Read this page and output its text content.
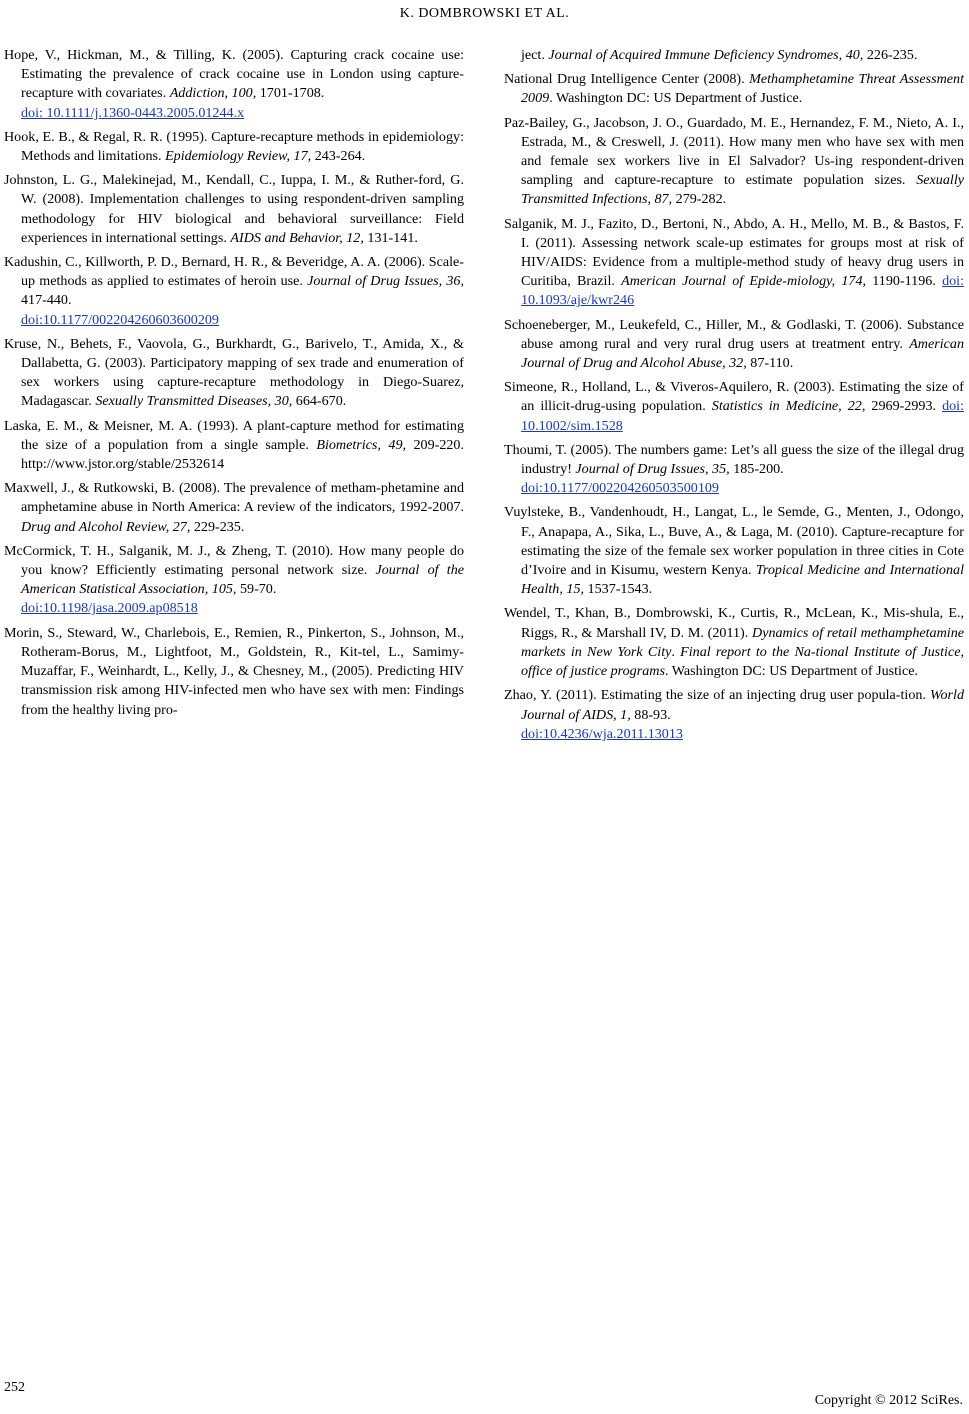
K. DOMBROWSKI ET AL.
Hope, V., Hickman, M., & Tilling, K. (2005). Capturing crack cocaine use: Estimating the prevalence of crack cocaine use in London using capture-recapture with covariates. Addiction, 100, 1701-1708.
doi: 10.1111/j.1360-0443.2005.01244.x
Hook, E. B., & Regal, R. R. (1995). Capture-recapture methods in epidemiology: Methods and limitations. Epidemiology Review, 17, 243-264.
Johnston, L. G., Malekinejad, M., Kendall, C., Iuppa, I. M., & Ruther-ford, G. W. (2008). Implementation challenges to using respondent-driven sampling methodology for HIV biological and behavioral surveillance: Field experiences in international settings. AIDS and Behavior, 12, 131-141.
Kadushin, C., Killworth, P. D., Bernard, H. R., & Beveridge, A. A. (2006). Scale-up methods as applied to estimates of heroin use. Journal of Drug Issues, 36, 417-440.
doi:10.1177/002204260603600209
Kruse, N., Behets, F., Vaovola, G., Burkhardt, G., Barivelo, T., Amida, X., & Dallabetta, G. (2003). Participatory mapping of sex trade and enumeration of sex workers using capture-recapture methodology in Diego-Suarez, Madagascar. Sexually Transmitted Diseases, 30, 664-670.
Laska, E. M., & Meisner, M. A. (1993). A plant-capture method for estimating the size of a population from a single sample. Biometrics, 49, 209-220. http://www.jstor.org/stable/2532614
Maxwell, J., & Rutkowski, B. (2008). The prevalence of metham-phetamine and amphetamine abuse in North America: A review of the indicators, 1992-2007. Drug and Alcohol Review, 27, 229-235.
McCormick, T. H., Salganik, M. J., & Zheng, T. (2010). How many people do you know? Efficiently estimating personal network size. Journal of the American Statistical Association, 105, 59-70.
doi:10.1198/jasa.2009.ap08518
Morin, S., Steward, W., Charlebois, E., Remien, R., Pinkerton, S., Johnson, M., Rotheram-Borus, M., Lightfoot, M., Goldstein, R., Kit-tel, L., Samimy-Muzaffar, F., Weinhardt, L., Kelly, J., & Chesney, M., (2005). Predicting HIV transmission risk among HIV-infected men who have sex with men: Findings from the healthy living pro-
ject. Journal of Acquired Immune Deficiency Syndromes, 40, 226-235.
National Drug Intelligence Center (2008). Methamphetamine Threat Assessment 2009. Washington DC: US Department of Justice.
Paz-Bailey, G., Jacobson, J. O., Guardado, M. E., Hernandez, F. M., Nieto, A. I., Estrada, M., & Creswell, J. (2011). How many men who have sex with men and female sex workers live in El Salvador? Us-ing respondent-driven sampling and capture-recapture to estimate population sizes. Sexually Transmitted Infections, 87, 279-282.
Salganik, M. J., Fazito, D., Bertoni, N., Abdo, A. H., Mello, M. B., & Bastos, F. I. (2011). Assessing network scale-up estimates for groups most at risk of HIV/AIDS: Evidence from a multiple-method study of heavy drug users in Curitiba, Brazil. American Journal of Epide-miology, 174, 1190-1196. doi: 10.1093/aje/kwr246
Schoeneberger, M., Leukefeld, C., Hiller, M., & Godlaski, T. (2006). Substance abuse among rural and very rural drug users at treatment entry. American Journal of Drug and Alcohol Abuse, 32, 87-110.
Simeone, R., Holland, L., & Viveros-Aquilero, R. (2003). Estimating the size of an illicit-drug-using population. Statistics in Medicine, 22, 2969-2993. doi: 10.1002/sim.1528
Thoumi, T. (2005). The numbers game: Let’s all guess the size of the illegal drug industry! Journal of Drug Issues, 35, 185-200.
doi:10.1177/002204260503500109
Vuylsteke, B., Vandenhoudt, H., Langat, L., le Semde, G., Menten, J., Odongo, F., Anapapa, A., Sika, L., Buve, A., & Laga, M. (2010). Capture-recapture for estimating the size of the female sex worker population in three cities in Cote d’Ivoire and in Kisumu, western Kenya. Tropical Medicine and International Health, 15, 1537-1543.
Wendel, T., Khan, B., Dombrowski, K., Curtis, R., McLean, K., Mis-shula, E., Riggs, R., & Marshall IV, D. M. (2011). Dynamics of retail methamphetamine markets in New York City. Final report to the Na-tional Institute of Justice, office of justice programs. Washington DC: US Department of Justice.
Zhao, Y. (2011). Estimating the size of an injecting drug user popula-tion. World Journal of AIDS, 1, 88-93.
doi:10.4236/wja.2011.13013
252
Copyright © 2012 SciRes.
